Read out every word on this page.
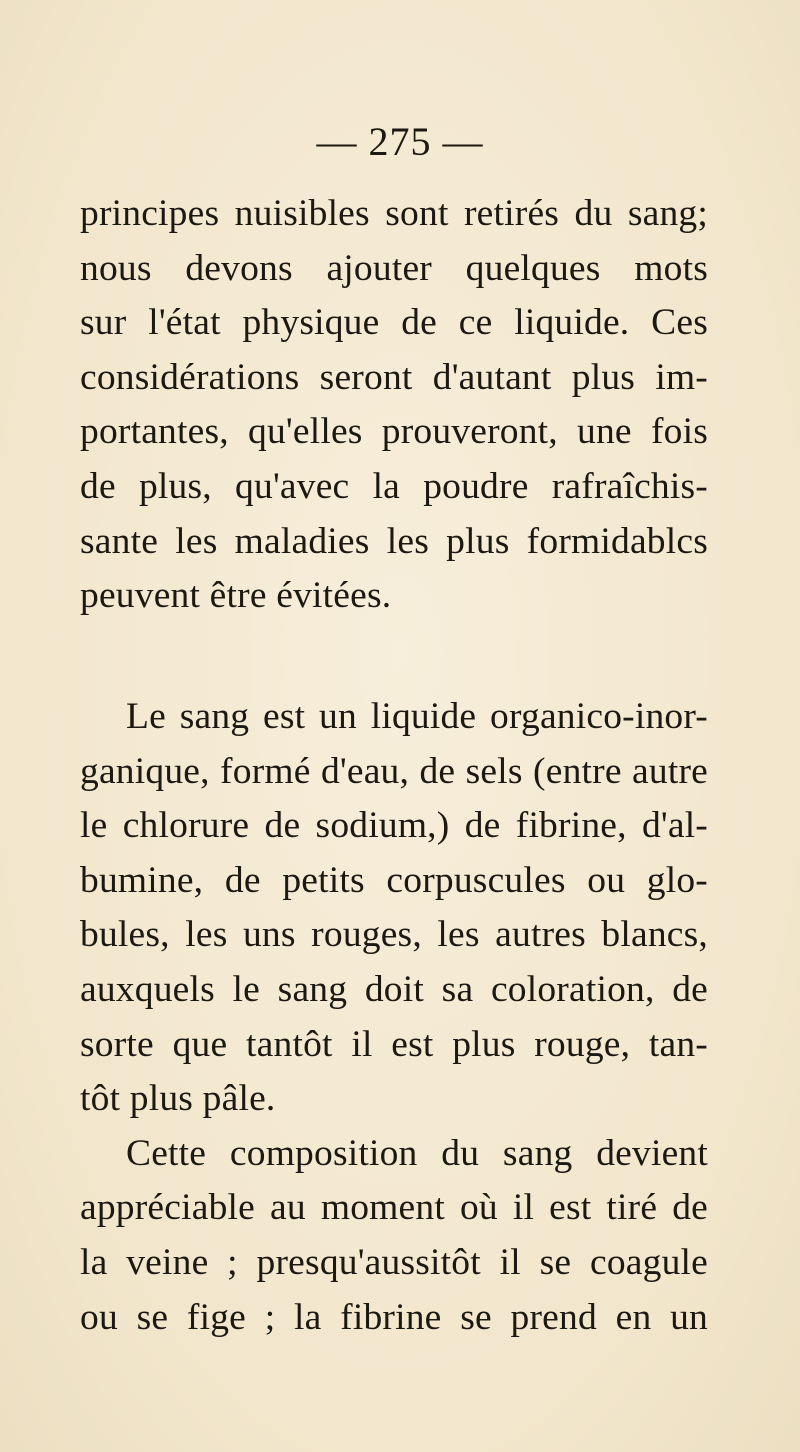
— 275 —
principes nuisibles sont retirés du sang;
nous devons ajouter quelques mots
sur l'état physique de ce liquide. Ces
considérations seront d'autant plus im-
portantes, qu'elles prouveront, une fois
de plus, qu'avec la poudre rafraîchis-
sante les maladies les plus formidablcs
peuvent être évitées.
Le sang est un liquide organico-inor-
ganique, formé d'eau, de sels (entre autre
le chlorure de sodium,) de fibrine, d'al-
bumine, de petits corpuscules ou glo-
bules, les uns rouges, les autres blancs,
auxquels le sang doit sa coloration, de
sorte que tantôt il est plus rouge, tan-
tôt plus pâle.
Cette composition du sang devient
appréciable au moment où il est tiré de
la veine ; presqu'aussitôt il se coagule
ou se fige ; la fibrine se prend en un
